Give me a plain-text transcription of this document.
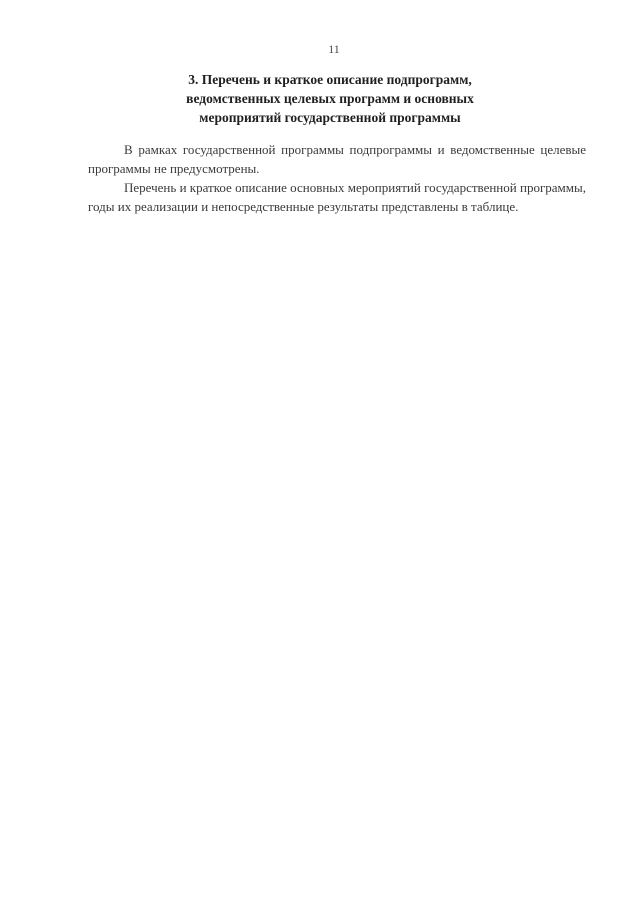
11
3. Перечень и краткое описание подпрограмм,
ведомственных целевых программ и основных
мероприятий государственной программы

В рамках государственной программы подпрограммы и ведомственные целевые программы не предусмотрены.

Перечень и краткое описание основных мероприятий государственной программы, годы их реализации и непосредственные результаты представлены в таблице.
